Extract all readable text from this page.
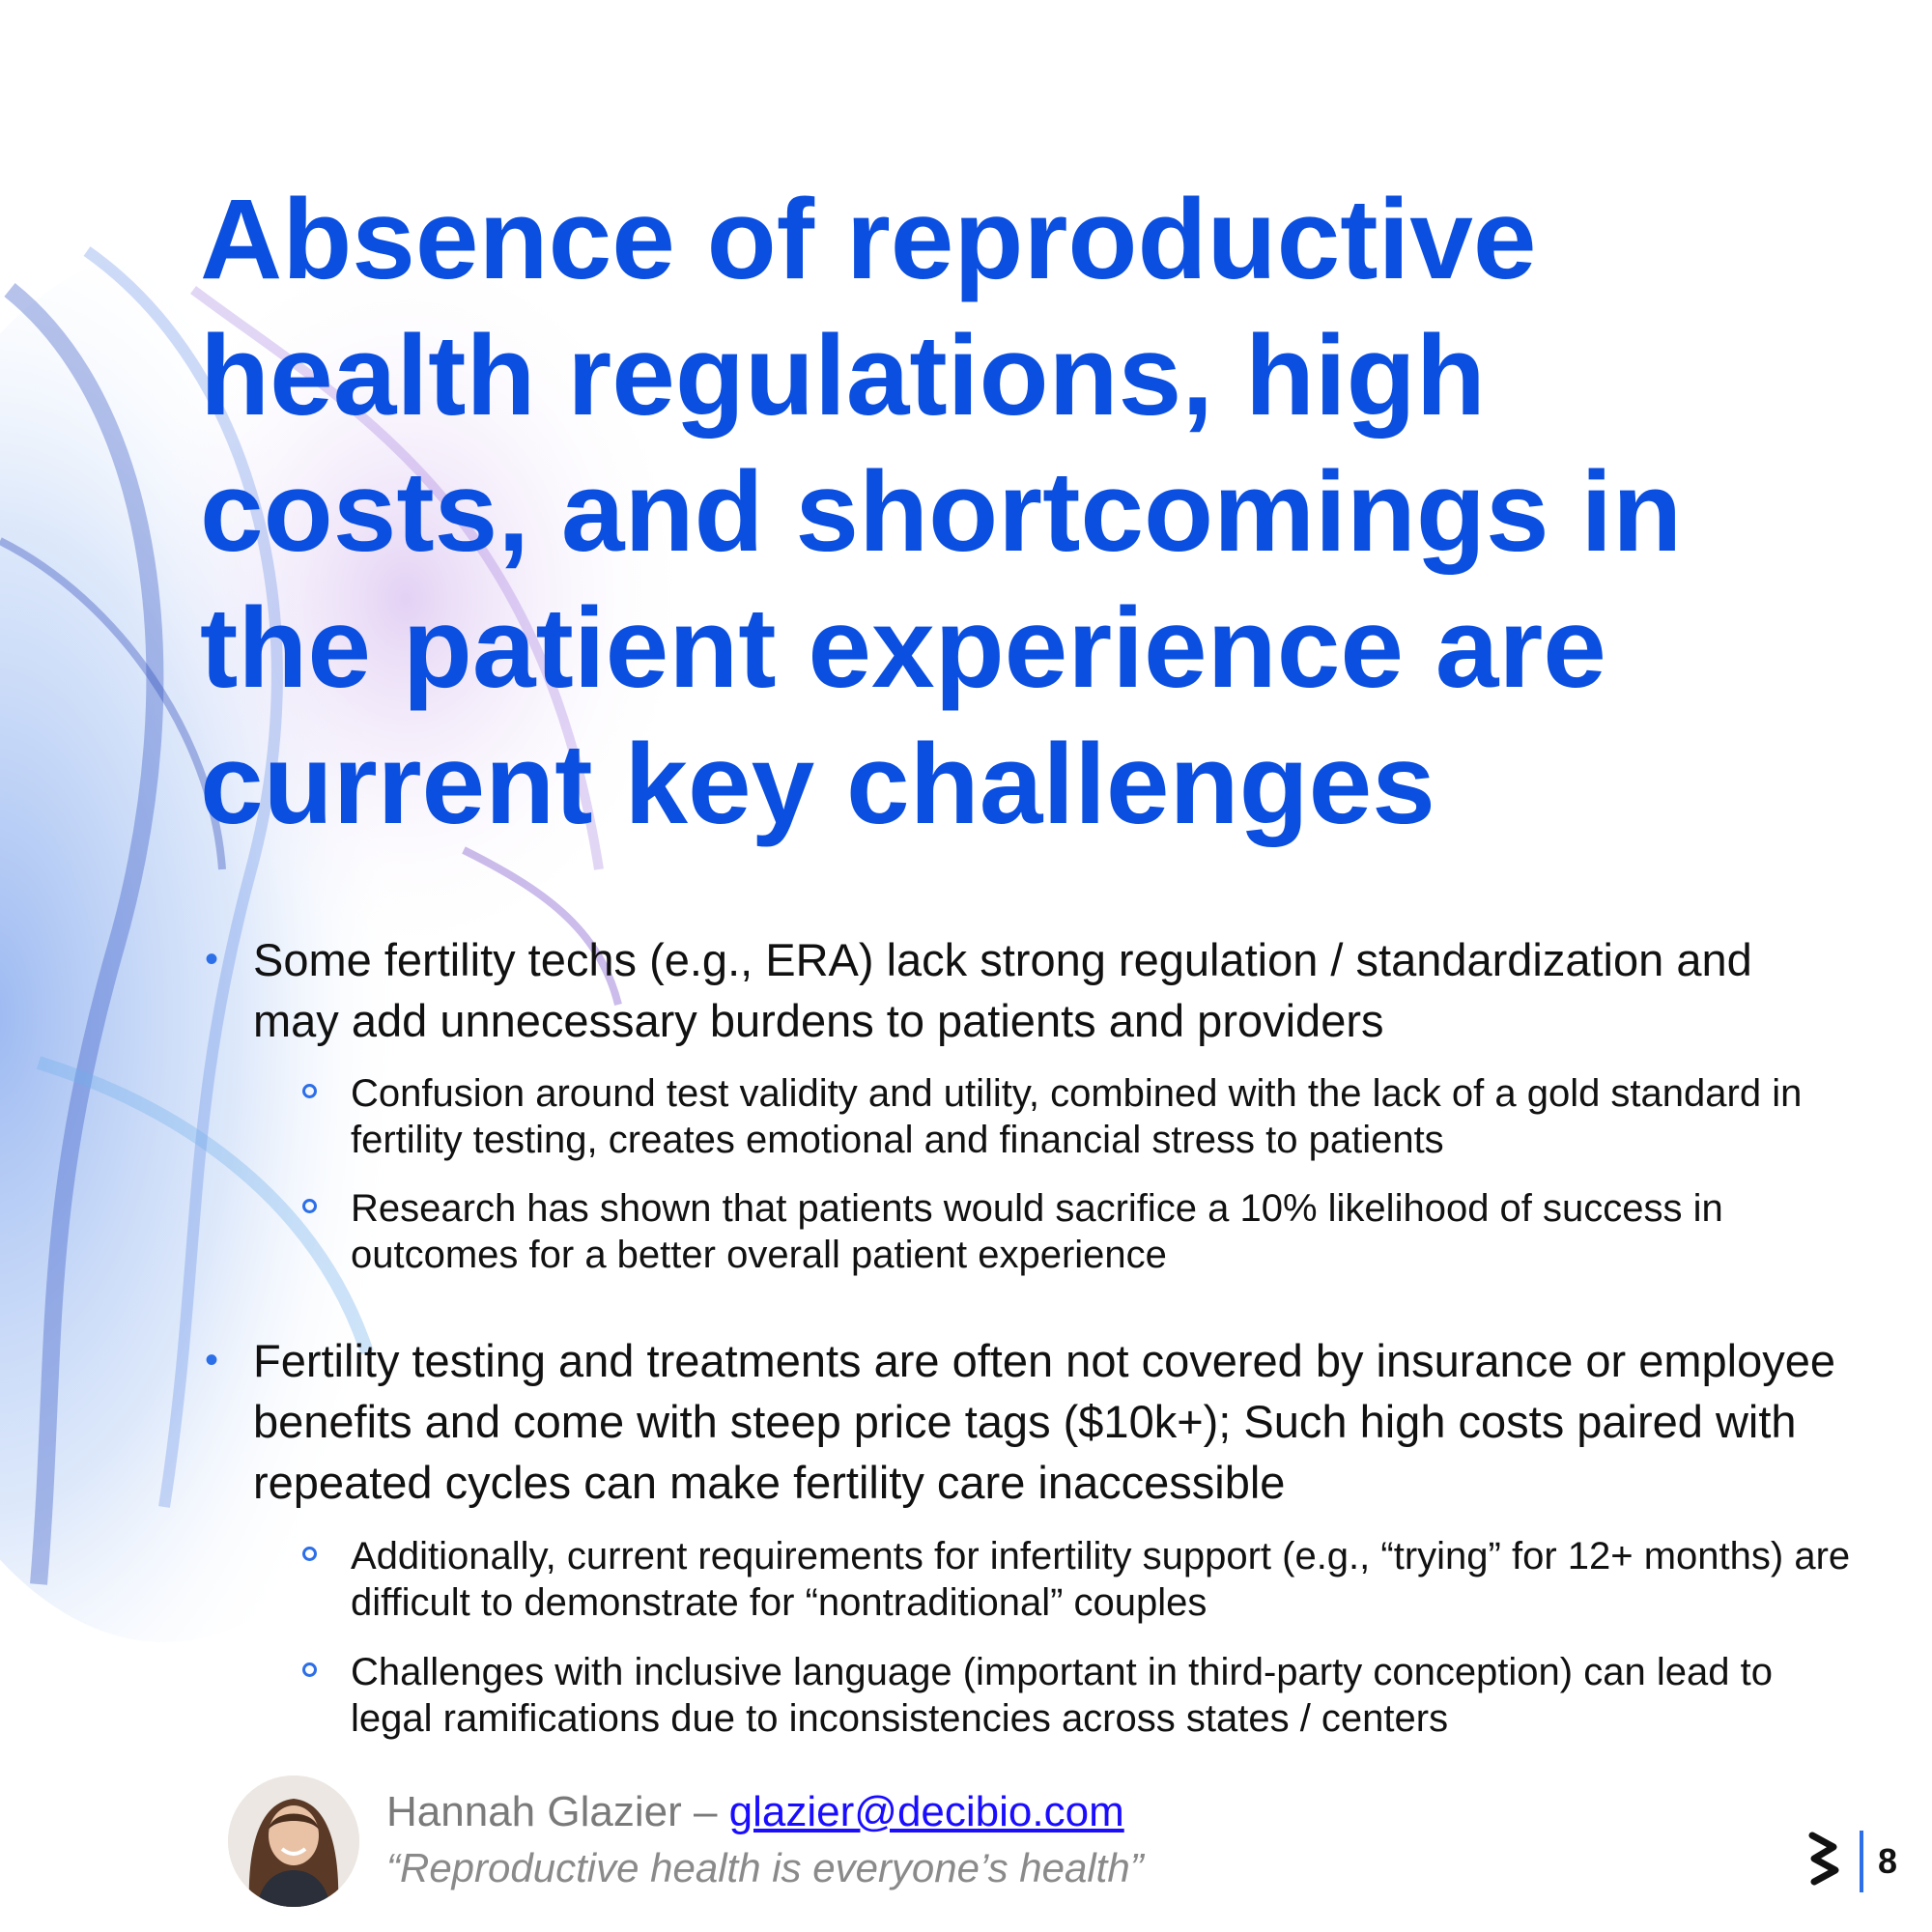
Absence of reproductive health regulations, high costs, and shortcomings in the patient experience are current key challenges
• Some fertility techs (e.g., ERA) lack strong regulation / standardization and may add unnecessary burdens to patients and providers
Confusion around test validity and utility, combined with the lack of a gold standard in fertility testing, creates emotional and financial stress to patients
Research has shown that patients would sacrifice a 10% likelihood of success in outcomes for a better overall patient experience
• Fertility testing and treatments are often not covered by insurance or employee benefits and come with steep price tags ($10k+); Such high costs paired with repeated cycles can make fertility care inaccessible
Additionally, current requirements for infertility support (e.g., “trying” for 12+ months) are difficult to demonstrate for “nontraditional” couples
Challenges with inclusive language (important in third-party conception) can lead to legal ramifications due to inconsistencies across states / centers
Hannah Glazier – glazier@decibio.com
“Reproductive health is everyone’s health”	8
